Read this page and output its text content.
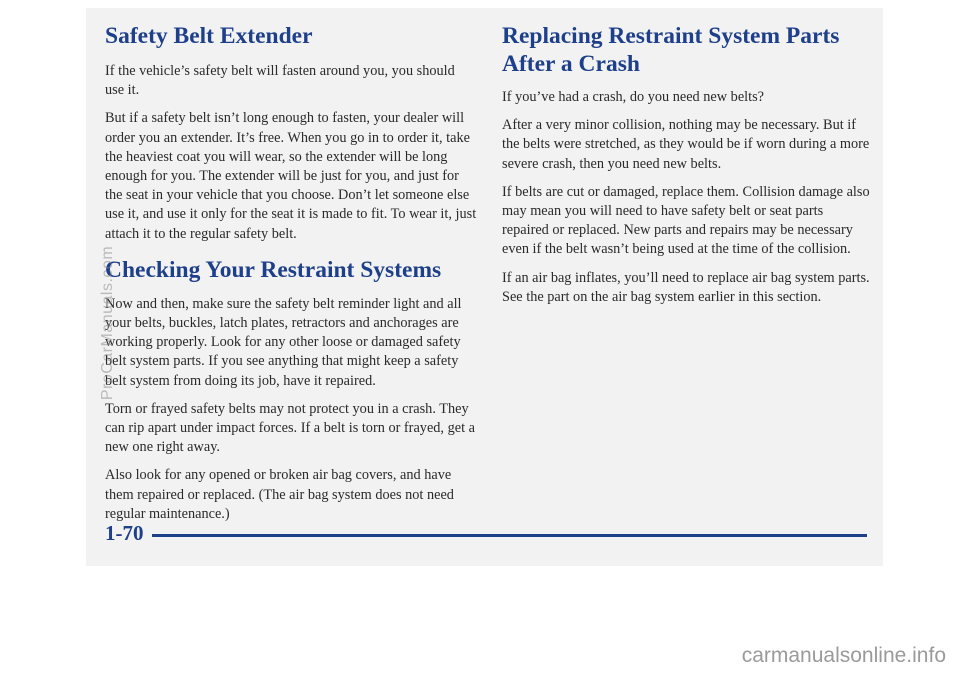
Safety Belt Extender

If the vehicle’s safety belt will fasten around you, you should use it.

But if a safety belt isn’t long enough to fasten, your dealer will order you an extender. It’s free. When you go in to order it, take the heaviest coat you will wear, so the extender will be long enough for you. The extender will be just for you, and just for the seat in your vehicle that you choose. Don’t let someone else use it, and use it only for the seat it is made to fit. To wear it, just attach it to the regular safety belt.

Checking Your Restraint Systems

Now and then, make sure the safety belt reminder light and all your belts, buckles, latch plates, retractors and anchorages are working properly. Look for any other loose or damaged safety belt system parts. If you see anything that might keep a safety belt system from doing its job, have it repaired.

Torn or frayed safety belts may not protect you in a crash. They can rip apart under impact forces. If a belt is torn or frayed, get a new one right away.

Also look for any opened or broken air bag covers, and have them repaired or replaced. (The air bag system does not need regular maintenance.)

Replacing Restraint System Parts After a Crash

If you’ve had a crash, do you need new belts?

After a very minor collision, nothing may be necessary. But if the belts were stretched, as they would be if worn during a more severe crash, then you need new belts.

If belts are cut or damaged, replace them. Collision damage also may mean you will need to have safety belt or seat parts repaired or replaced. New parts and repairs may be necessary even if the belt wasn’t being used at the time of the collision.

If an air bag inflates, you’ll need to replace air bag system parts. See the part on the air bag system earlier in this section.

1-70
ProCarManuals.com
carmanualsonline.info
